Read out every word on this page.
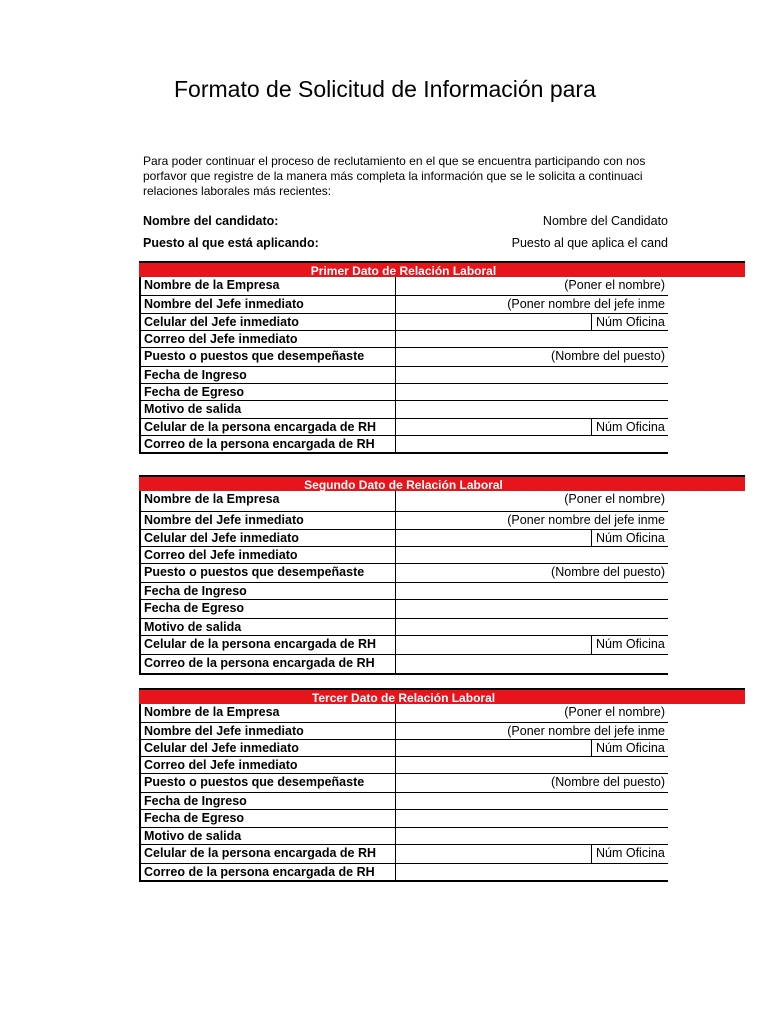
Formato de Solicitud de Información para
Para poder continuar el proceso de reclutamiento en el que se encuentra participando con nos
porfavor que registre de la manera más completa la información que se le solicita a continuaci
relaciones laborales más recientes:
Nombre del candidato:	Nombre del Candidato
Puesto al que está aplicando:	Puesto al que aplica el cand
Nombre de la Empresa	(Poner el nombre)
Nombre del Jefe inmediato	(Poner nombre del jefe inme
Celular del Jefe inmediato	Núm Oficina
Correo del Jefe inmediato
Puesto o puestos que desempeñaste	(Nombre del puesto)
Fecha de Ingreso
Fecha de Egreso
Motivo de salida
Celular de la persona encargada de RH	Núm Oficina
Correo de la persona encargada de RH
Nombre de la Empresa	(Poner el nombre)
Nombre del Jefe inmediato	(Poner nombre del jefe inme
Celular del Jefe inmediato	Núm Oficina
Correo del Jefe inmediato
Puesto o puestos que desempeñaste	(Nombre del puesto)
Fecha de Ingreso
Fecha de Egreso
Motivo de salida
Celular de la persona encargada de RH	Núm Oficina
Correo de la persona encargada de RH
Nombre de la Empresa	(Poner el nombre)
Nombre del Jefe inmediato	(Poner nombre del jefe inme
Celular del Jefe inmediato	Núm Oficina
Correo del Jefe inmediato
Puesto o puestos que desempeñaste	(Nombre del puesto)
Fecha de Ingreso
Fecha de Egreso
Motivo de salida
Celular de la persona encargada de RH	Núm Oficina
Correo de la persona encargada de RH
Primer Dato de Relación Laboral
Segundo Dato de Relación Laboral
Tercer Dato de Relación Laboral
